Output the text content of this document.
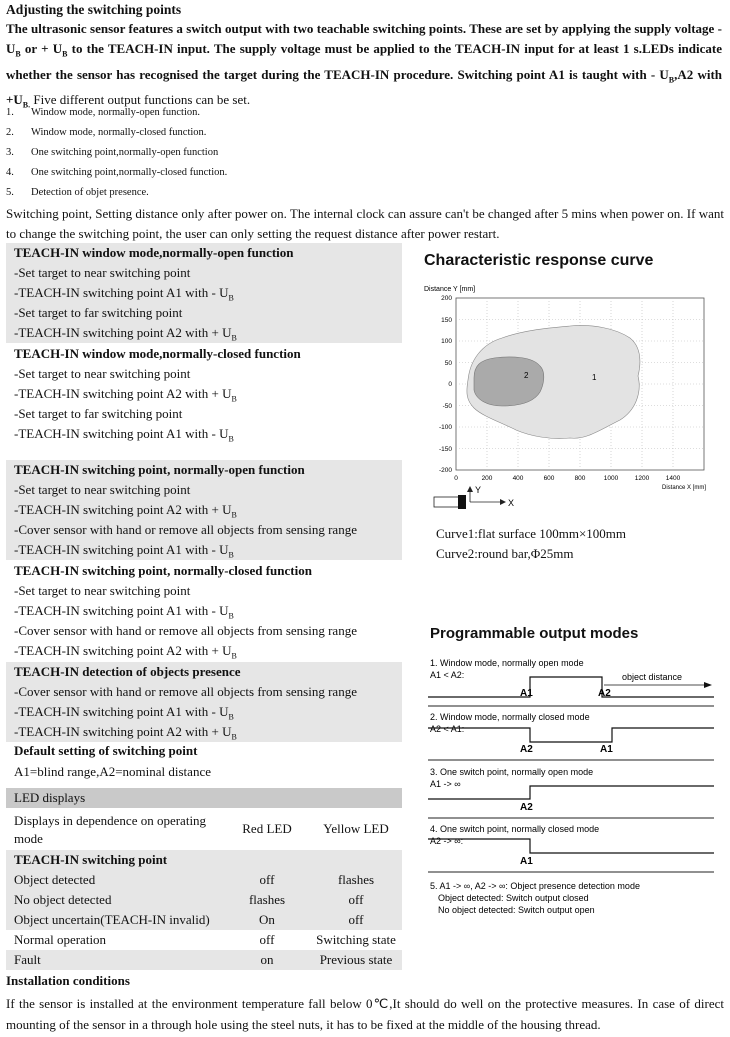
Adjusting the switching points
The ultrasonic sensor features a switch output with two teachable switching points. These are set by applying the supply voltage - $U_B$ or + $U_B$ to the TEACH-IN input. The supply voltage must be applied to the TEACH-IN input for at least 1 s.LEDs indicate whether the sensor has recognised the target during the TEACH-IN procedure. Switching point A1 is taught with - $U_B,A2$ with $+U_{B.}$ Five different output functions can be set.
1. Window mode, normally-open function.
2. Window mode, normally-closed function.
3. One switching point,normally-open function
4. One switching point,normally-closed function.
5. Detection of objet presence.
Switching point, Setting distance only after power on. The internal clock can assure can't be changed after 5 mins when power on. If want to change the switching point, the user can only setting the request distance after power restart.
TEACH-IN window mode,normally-open function
-Set target to near switching point
-TEACH-IN switching point A1 with - $U_B$
-Set target to far switching point
-TEACH-IN switching point A2 with + $U_B$
TEACH-IN window mode,normally-closed function
-Set target to near switching point
-TEACH-IN switching point A2 with + $U_B$
-Set target to far switching point
-TEACH-IN switching point A1 with - $U_B$
TEACH-IN switching point, normally-open function
-Set target to near switching point
-TEACH-IN switching point A2 with + $U_B$
-Cover sensor with hand or remove all objects from sensing range
-TEACH-IN switching point A1 with - $U_B$
TEACH-IN switching point, normally-closed function
-Set target to near switching point
-TEACH-IN switching point A1 with - $U_B$
-Cover sensor with hand or remove all objects from sensing range
-TEACH-IN switching point A2 with + $U_B$
TEACH-IN detection of objects presence
-Cover sensor with hand or remove all objects from sensing range
-TEACH-IN switching point A1 with - $U_B$
-TEACH-IN switching point A2 with + $U_B$
Default setting of switching point
A1=blind range,A2=nominal distance
LED displays
Displays in dependence on operating mode	Red LED	Yellow LED
TEACH-IN switching point		
Object detected	off	flashes
No object detected	flashes	off
Object uncertain(TEACH-IN invalid)	On	off
Normal operation	off	Switching state
Fault	on	Previous state
Installation conditions
If the sensor is installed at the environment temperature fall below 0℃,It should do well on the protective measures. In case of direct mounting of the sensor in a through hole using the steel nuts, it has to be fixed at the middle of the housing thread.
Characteristic response curve
Distance Y [mm]
2	1
200
150
100
50
0
-50
-100
-150
-200
0	200	400	600	800	1000	1200	1400
Distance X [mm]
Y
X
Curve1:flat surface 100mm×100mm
Curve2:round bar,Φ25mm
Programmable output modes
1. Window mode, normally open mode
A1 < A2:	object distance
A1	A2
2. Window mode, normally closed mode
A2 < A1:
A2	A1
3. One switch point, normally open mode
A1 -> ∞
A2
4. One switch point, normally closed mode
A2 -> ∞:
A1
5. A1 -> ∞, A2 -> ∞: Object presence detection mode
Object detected: Switch output closed
No object detected: Switch output open
